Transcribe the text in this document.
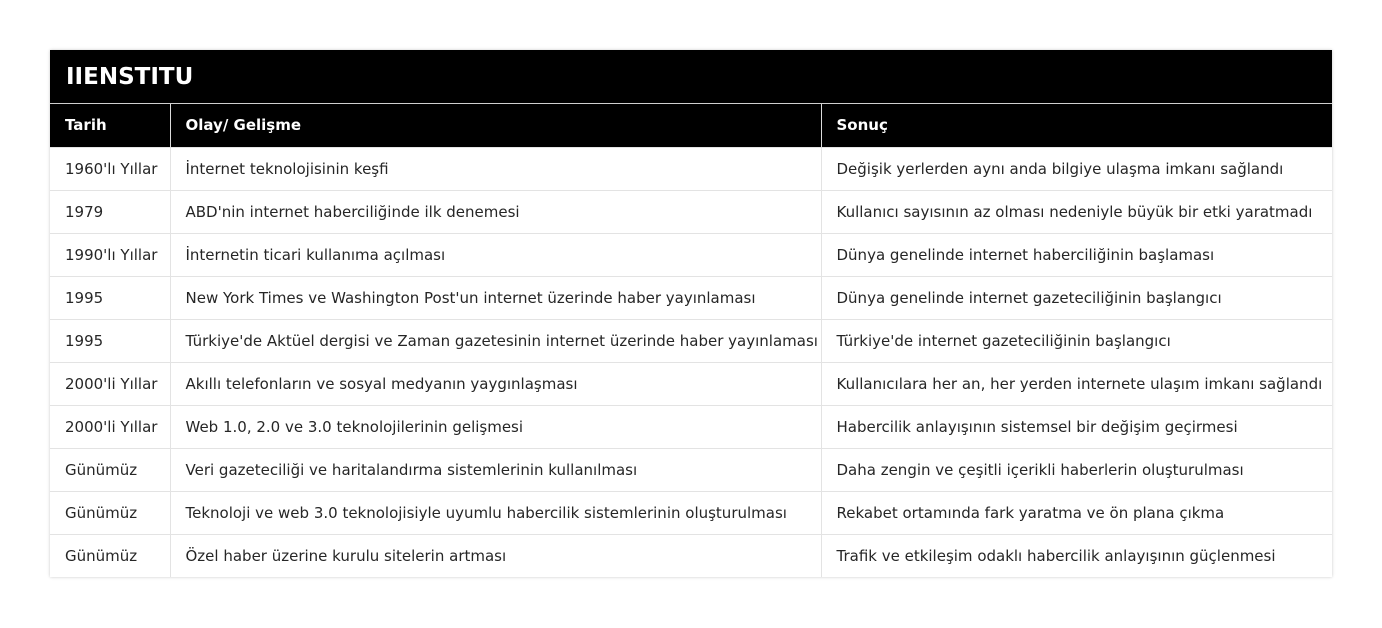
IIENSTITU
Tarih	Olay/ Gelişme	Sonuç
1960'lı Yıllar	İnternet teknolojisinin keşfi	Değişik yerlerden aynı anda bilgiye ulaşma imkanı sağlandı
1979	ABD'nin internet haberciliğinde ilk denemesi	Kullanıcı sayısının az olması nedeniyle büyük bir etki yaratmadı
1990'lı Yıllar	İnternetin ticari kullanıma açılması	Dünya genelinde internet haberciliğinin başlaması
1995	New York Times ve Washington Post'un internet üzerinde haber yayınlaması	Dünya genelinde internet gazeteciliğinin başlangıcı
1995	Türkiye'de Aktüel dergisi ve Zaman gazetesinin internet üzerinde haber yayınlaması	Türkiye'de internet gazeteciliğinin başlangıcı
2000'li Yıllar	Akıllı telefonların ve sosyal medyanın yaygınlaşması	Kullanıcılara her an, her yerden internete ulaşım imkanı sağlandı
2000'li Yıllar	Web 1.0, 2.0 ve 3.0 teknolojilerinin gelişmesi	Habercilik anlayışının sistemsel bir değişim geçirmesi
Günümüz	Veri gazeteciliği ve haritalandırma sistemlerinin kullanılması	Daha zengin ve çeşitli içerikli haberlerin oluşturulması
Günümüz	Teknoloji ve web 3.0 teknolojisiyle uyumlu habercilik sistemlerinin oluşturulması	Rekabet ortamında fark yaratma ve ön plana çıkma
Günümüz	Özel haber üzerine kurulu sitelerin artması	Trafik ve etkileşim odaklı habercilik anlayışının güçlenmesi
